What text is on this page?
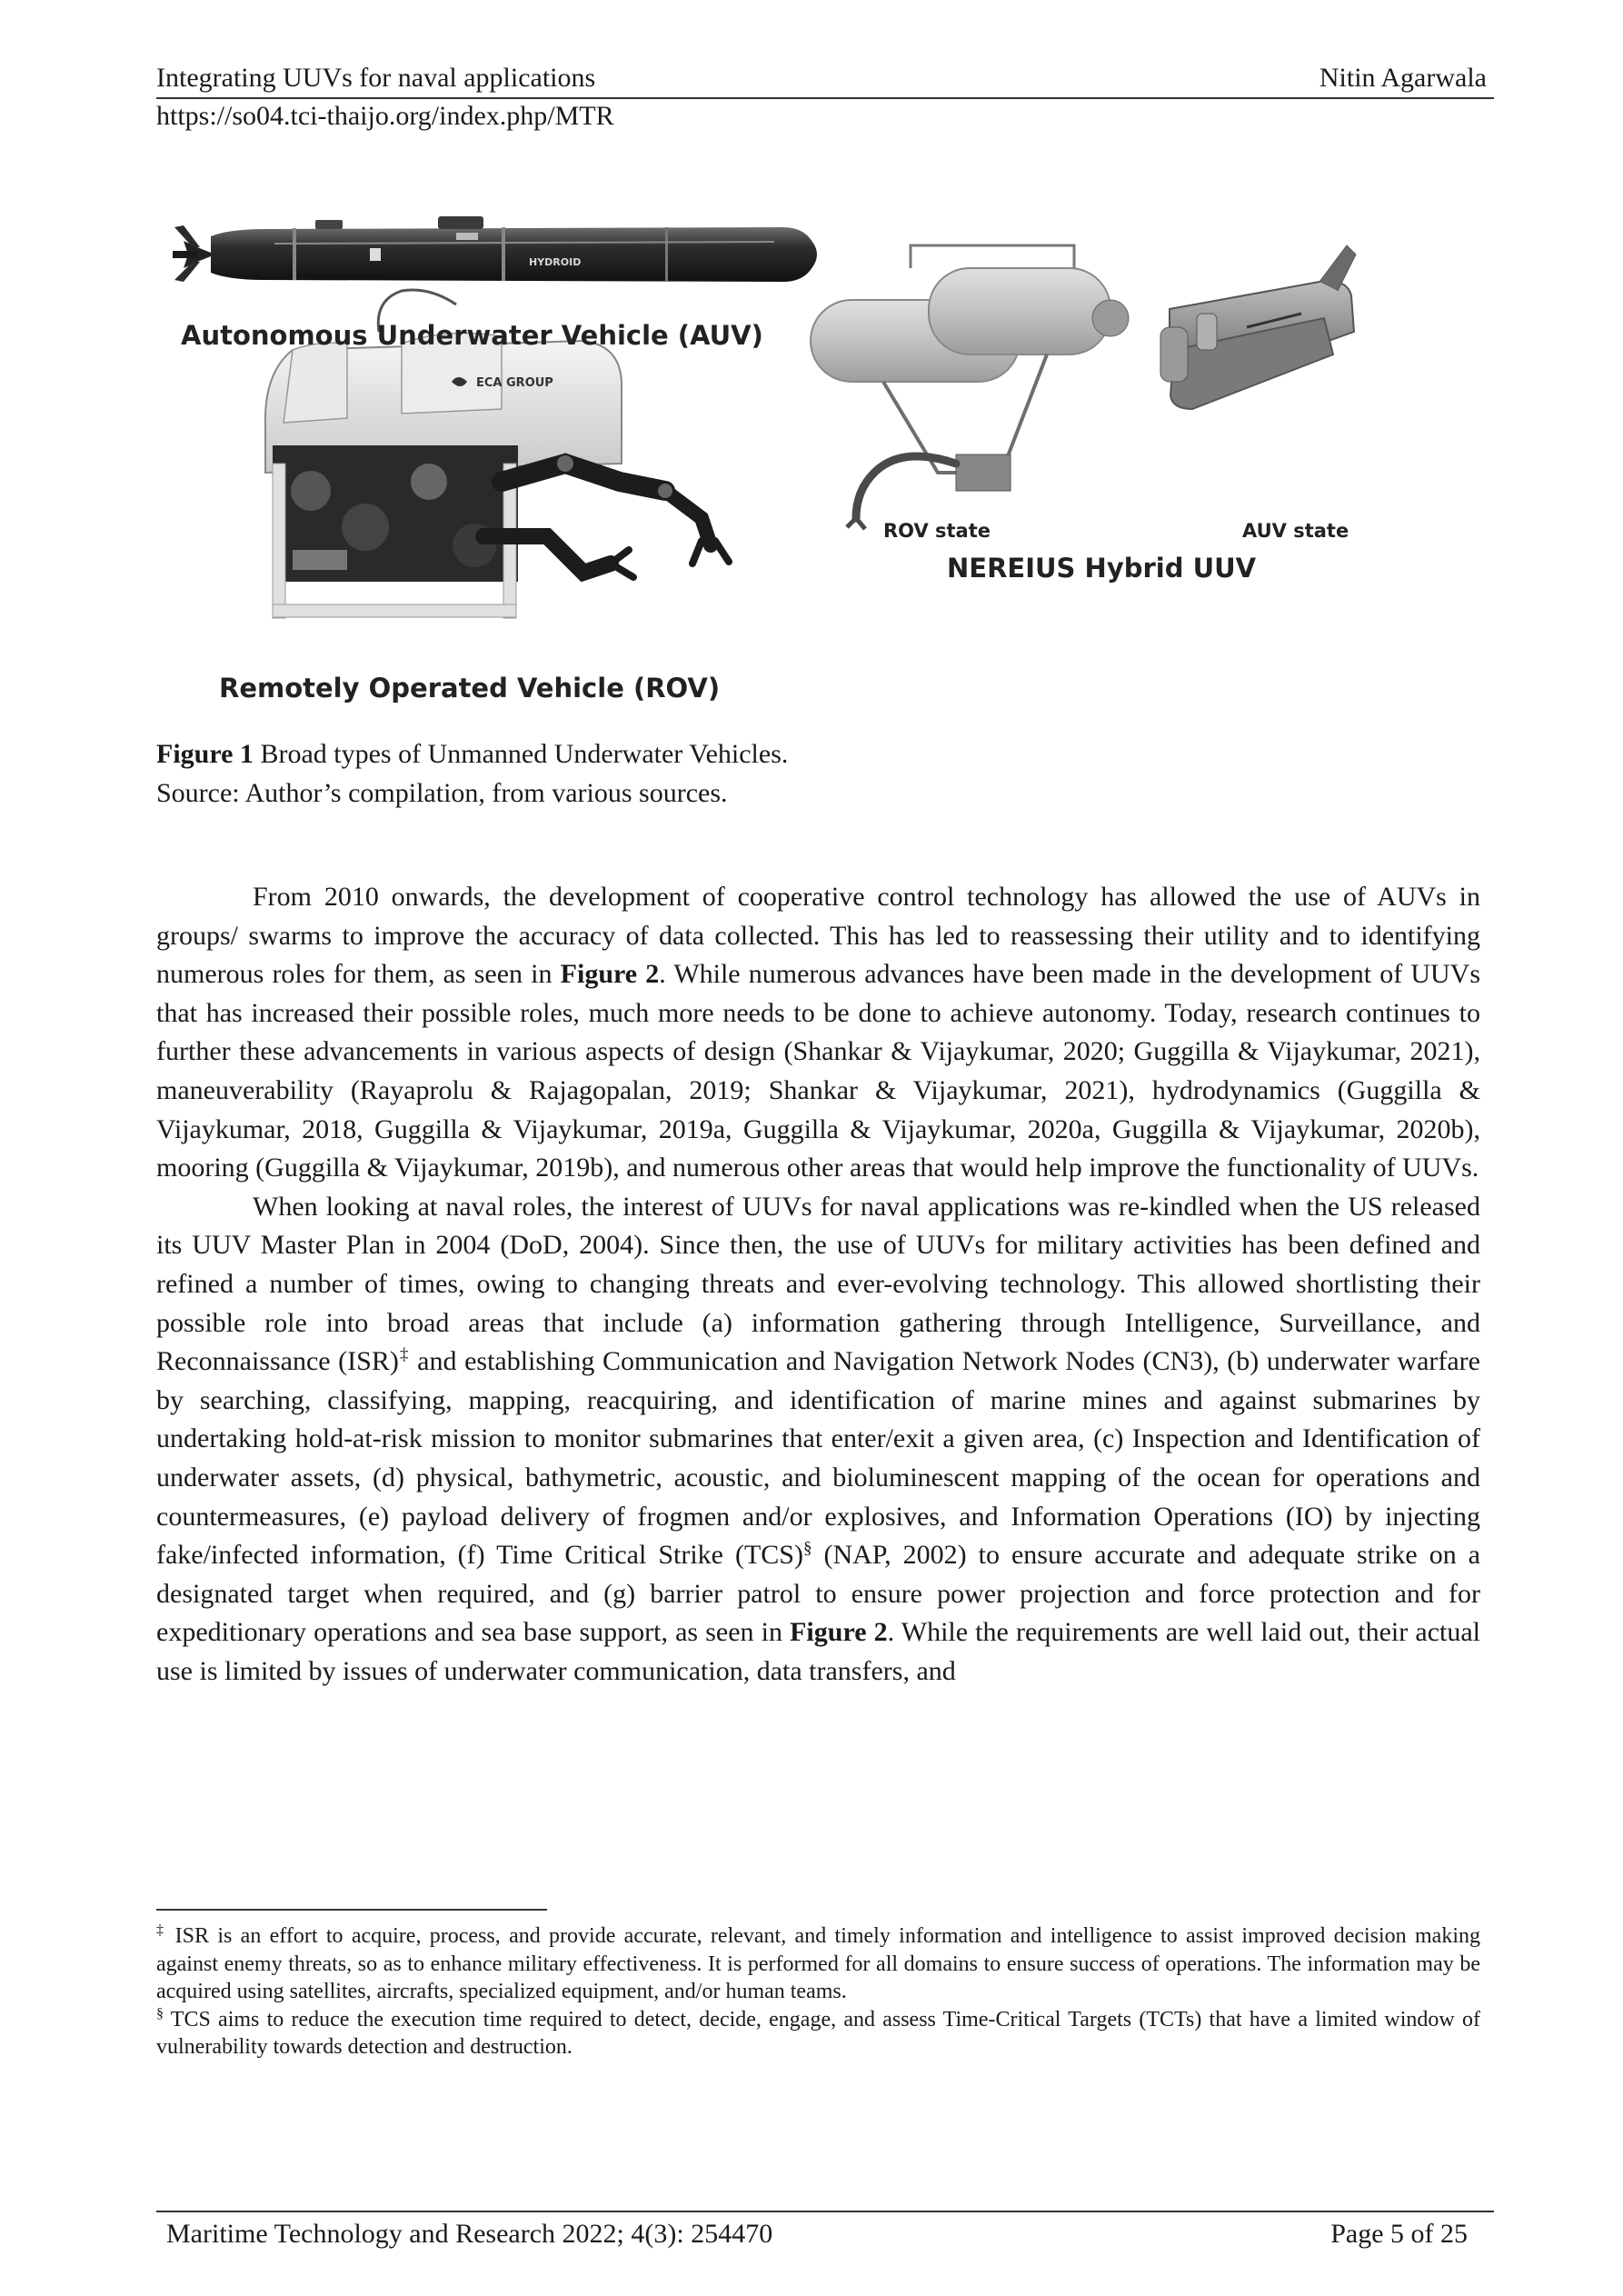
Integrating UUVs for naval applications	Nitin Agarwala
https://so04.tci-thaijo.org/index.php/MTR
HYDROID
ECA GROUP
Autonomous Underwater Vehicle (AUV)
Remotely Operated Vehicle (ROV)
ROV state	AUV state
NEREIUS Hybrid UUV
Figure 1 Broad types of Unmanned Underwater Vehicles.
Source: Author’s compilation, from various sources.

From 2010 onwards, the development of cooperative control technology has allowed the use of AUVs in groups/ swarms to improve the accuracy of data collected. This has led to reassessing their utility and to identifying numerous roles for them, as seen in Figure 2. While numerous advances have been made in the development of UUVs that has increased their possible roles, much more needs to be done to achieve autonomy. Today, research continues to further these advancements in various aspects of design (Shankar & Vijaykumar, 2020; Guggilla & Vijaykumar, 2021), maneuverability (Rayaprolu & Rajagopalan, 2019; Shankar & Vijaykumar, 2021), hydrodynamics (Guggilla & Vijaykumar, 2018, Guggilla & Vijaykumar, 2019a, Guggilla & Vijaykumar, 2020a, Guggilla & Vijaykumar, 2020b), mooring (Guggilla & Vijaykumar, 2019b), and numerous other areas that would help improve the functionality of UUVs.

When looking at naval roles, the interest of UUVs for naval applications was re-kindled when the US released its UUV Master Plan in 2004 (DoD, 2004). Since then, the use of UUVs for military activities has been defined and refined a number of times, owing to changing threats and ever-evolving technology. This allowed shortlisting their possible role into broad areas that include (a) information gathering through Intelligence, Surveillance, and Reconnaissance (ISR)‡ and establishing Communication and Navigation Network Nodes (CN3), (b) underwater warfare by searching, classifying, mapping, reacquiring, and identification of marine mines and against submarines by undertaking hold-at-risk mission to monitor submarines that enter/exit a given area, (c) Inspection and Identification of underwater assets, (d) physical, bathymetric, acoustic, and bioluminescent mapping of the ocean for operations and countermeasures, (e) payload delivery of frogmen and/or explosives, and Information Operations (IO) by injecting fake/infected information, (f) Time Critical Strike (TCS)§ (NAP, 2002) to ensure accurate and adequate strike on a designated target when required, and (g) barrier patrol to ensure power projection and force protection and for expeditionary operations and sea base support, as seen in Figure 2. While the requirements are well laid out, their actual use is limited by issues of underwater communication, data transfers, and

‡ ISR is an effort to acquire, process, and provide accurate, relevant, and timely information and intelligence to assist improved decision making against enemy threats, so as to enhance military effectiveness. It is performed for all domains to ensure success of operations. The information may be acquired using satellites, aircrafts, specialized equipment, and/or human teams.

§ TCS aims to reduce the execution time required to detect, decide, engage, and assess Time-Critical Targets (TCTs) that have a limited window of vulnerability towards detection and destruction.

Maritime Technology and Research 2022; 4(3): 254470	Page 5 of 25
